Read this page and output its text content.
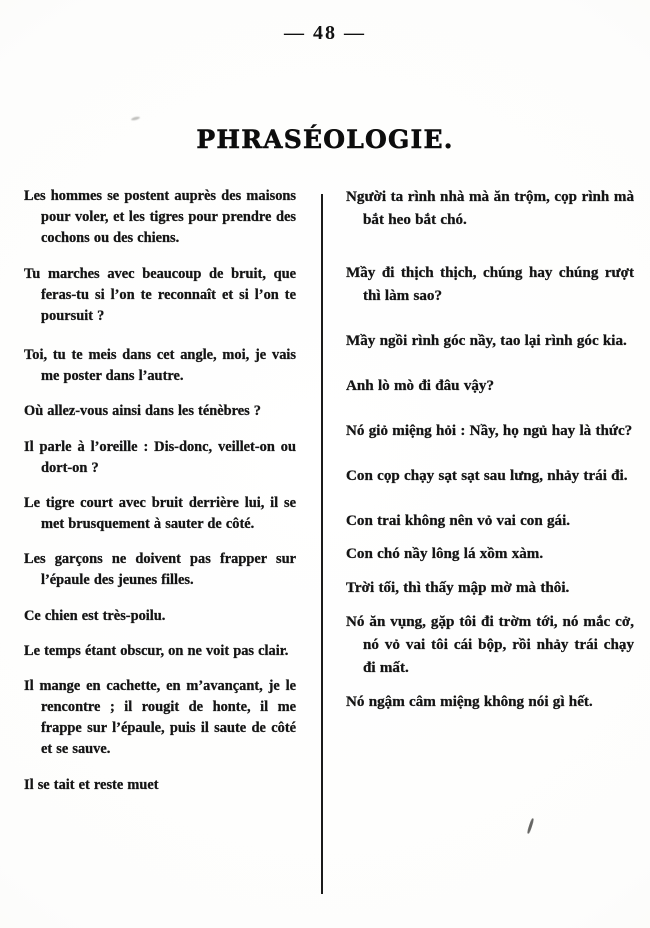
— 48 —
PHRASÉOLOGIE.

Les hommes se postent auprès des maisons pour voler, et les tigres pour prendre des cochons ou des chiens.

Tu marches avec beaucoup de bruit, que feras-tu si l’on te reconnaît et si l’on te poursuit ?

Toi, tu te meis dans cet angle, moi, je vais me poster dans l’autre.

Où allez-vous ainsi dans les ténèbres ?

Il parle à l’oreille : Dis-donc, veillet-on ou dort-on ?

Le tigre court avec bruit derrière lui, il se met brusquement à sauter de côté.

Les garçons ne doivent pas frapper sur l’épaule des jeunes filles.

Ce chien est très-poilu.

Le temps étant obscur, on ne voit pas clair.

Il mange en cachette, en m’avançant, je le rencontre ; il rougit de honte, il me frappe sur l’épaule, puis il saute de côté et se sauve.

Il se tait et reste muet

Người ta rình nhà mà ăn trộm, cọp rình mà bắt heo bắt chó.

Mầy đi thịch thịch, chúng hay chúng rượt thì làm sao?

Mầy ngồi rình góc nầy, tao lại rình góc kia.

Anh lò mò đi đâu vậy?

Nó giỏ miệng hỏi : Nầy, họ ngủ hay là thức?

Con cọp chạy sạt sạt sau lưng, nhảy trái đi.

Con trai không nên vỏ vai con gái.

Con chó nầy lông lá xồm xàm.

Trời tối, thì thấy mập mờ mà thôi.

Nó ăn vụng, gặp tôi đi trờm tới, nó mắc cở, nó vỏ vai tôi cái bộp, rồi nhảy trái chạy đi mất.

Nó ngậm câm miệng không nói gì hết.
